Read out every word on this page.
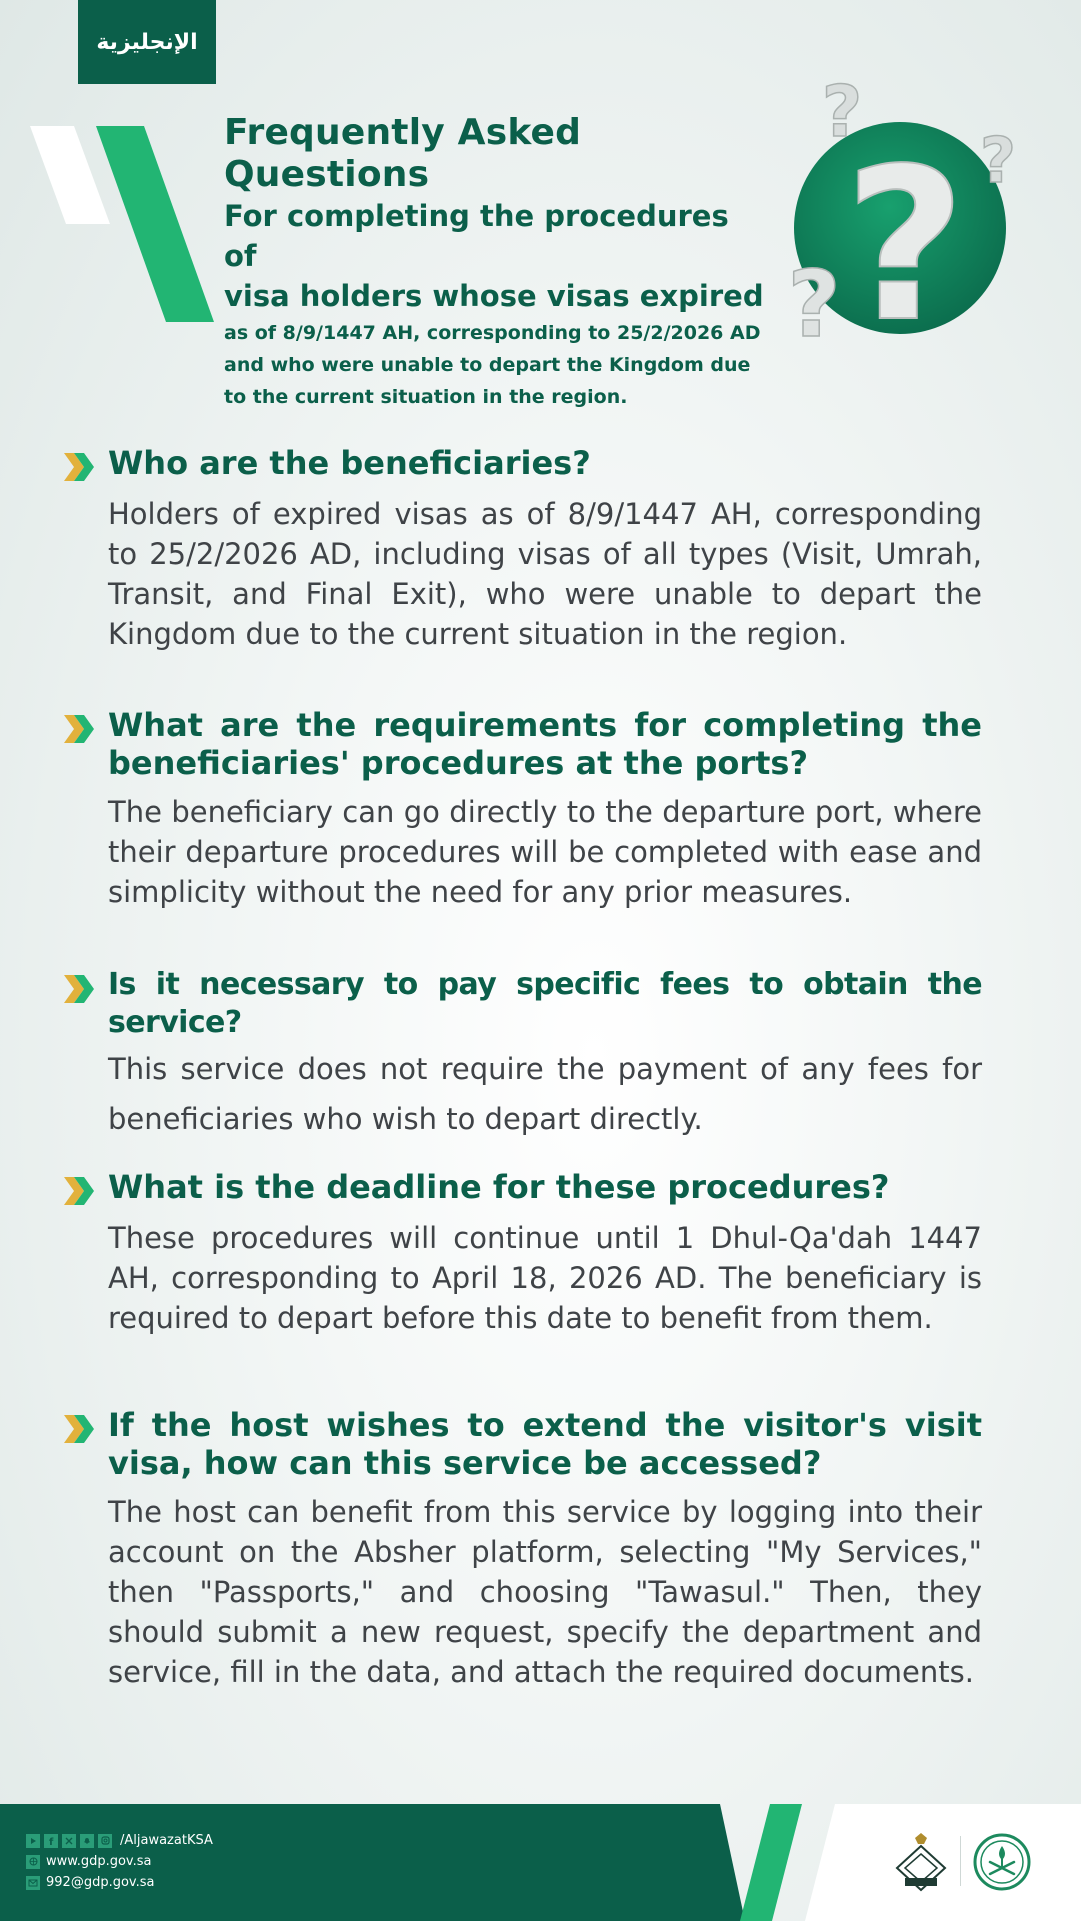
الإنجليزية
Frequently Asked Questions
For completing the procedures of
visa holders whose visas expired
as of 8/9/1447 AH, corresponding to 25/2/2026 AD
and who were unable to depart the Kingdom due
to the current situation in the region.
?
?
?
?
Who are the beneficiaries?
Holders of expired visas as of 8/9/1447 AH, corresponding to 25/2/2026 AD, including visas of all types (Visit, Umrah, Transit, and Final Exit), who were unable to depart the Kingdom due to the current situation in the region.
What are the requirements for completing the beneficiaries' procedures at the ports?
The beneficiary can go directly to the departure port, where their departure procedures will be completed with ease and simplicity without the need for any prior measures.
Is it necessary to pay specific fees to obtain the service?
This service does not require the payment of any fees for beneficiaries who wish to depart directly.
What is the deadline for these procedures?
These procedures will continue until 1 Dhul-Qa'dah 1447 AH, corresponding to April 18, 2026 AD. The beneficiary is required to depart before this date to benefit from them.
If the host wishes to extend the visitor's visit visa, how can this service be accessed?
The host can benefit from this service by logging into their account on the Absher platform, selecting "My Services," then "Passports," and choosing "Tawasul." Then, they should submit a new request, specify the department and service, fill in the data, and attach the required documents.
f	/AljawazatKSA
www.gdp.gov.sa
992@gdp.gov.sa
